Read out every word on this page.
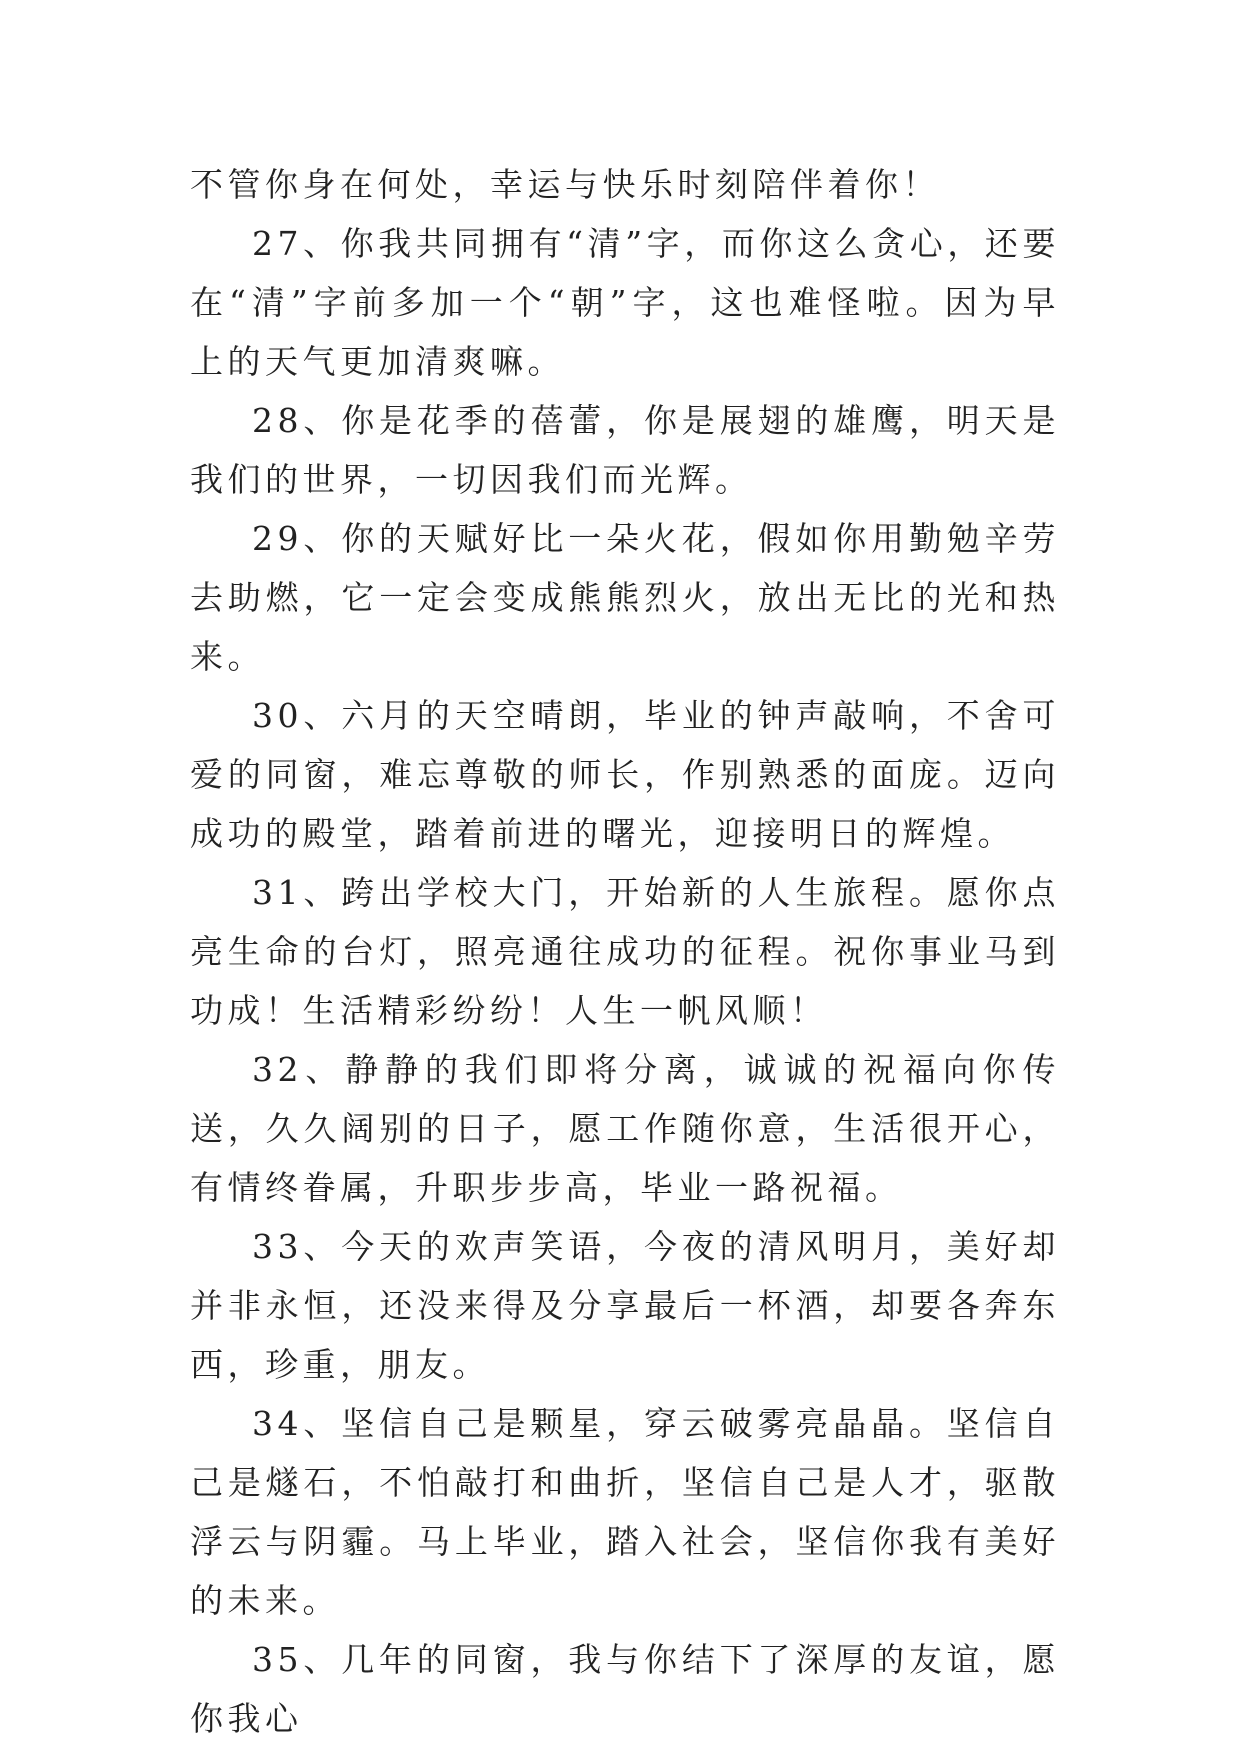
不管你身在何处，幸运与快乐时刻陪伴着你！

27、你我共同拥有“清”字，而你这么贪心，还要在“清”字前多加一个“朝”字，这也难怪啦。因为早上的天气更加清爽嘛。

28、你是花季的蓓蕾，你是展翅的雄鹰，明天是我们的世界，一切因我们而光辉。

29、你的天赋好比一朵火花，假如你用勤勉辛劳去助燃，它一定会变成熊熊烈火，放出无比的光和热来。

30、六月的天空晴朗，毕业的钟声敲响，不舍可爱的同窗，难忘尊敬的师长，作别熟悉的面庞。迈向成功的殿堂，踏着前进的曙光，迎接明日的辉煌。

31、跨出学校大门，开始新的人生旅程。愿你点亮生命的台灯，照亮通往成功的征程。祝你事业马到功成！生活精彩纷纷！人生一帆风顺！

32、静静的我们即将分离，诚诚的祝福向你传送，久久阔别的日子，愿工作随你意，生活很开心，有情终眷属，升职步步高，毕业一路祝福。

33、今天的欢声笑语，今夜的清风明月，美好却并非永恒，还没来得及分享最后一杯酒，却要各奔东西，珍重，朋友。

34、坚信自己是颗星，穿云破雾亮晶晶。坚信自己是燧石，不怕敲打和曲折，坚信自己是人才，驱散浮云与阴霾。马上毕业，踏入社会，坚信你我有美好的未来。

35、几年的同窗，我与你结下了深厚的友谊，愿你我心
